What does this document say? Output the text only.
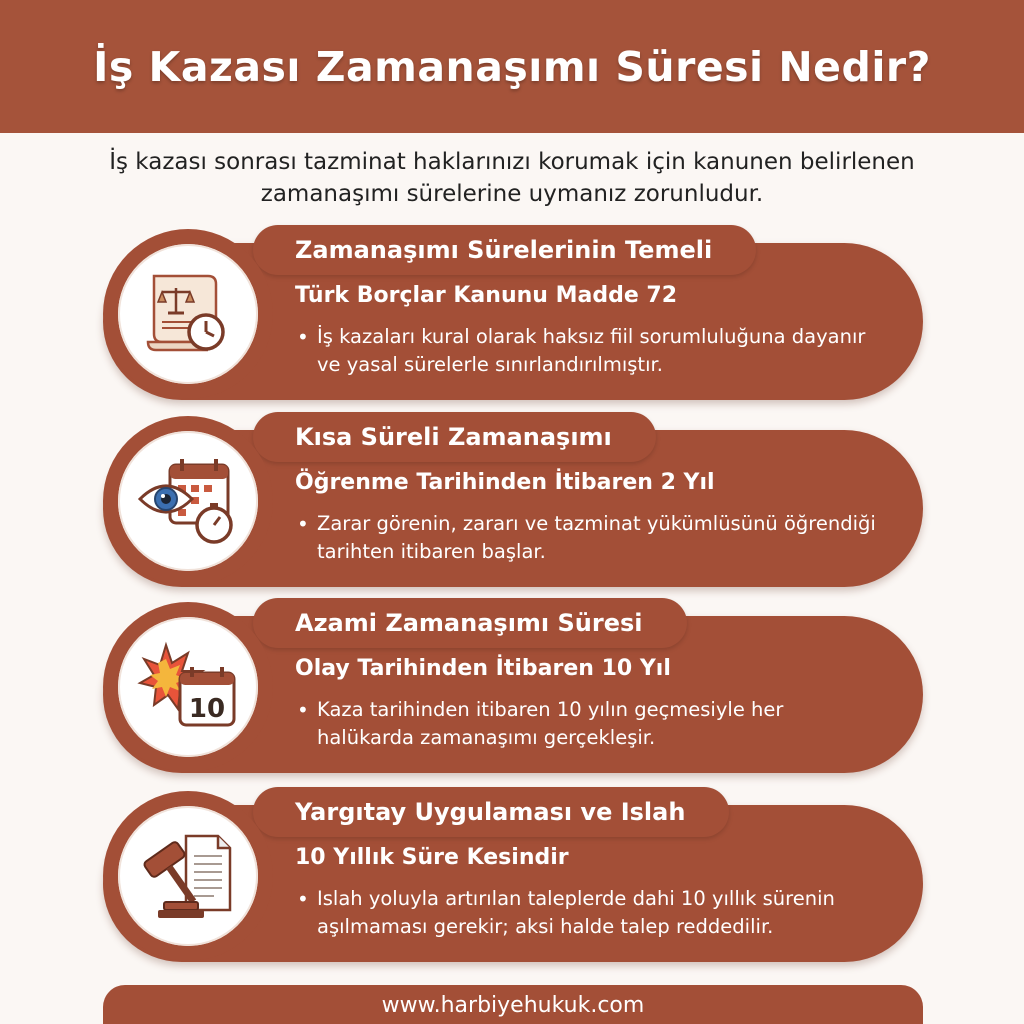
İş Kazası Zamanaşımı Süresi Nedir?

İş kazası sonrası tazminat haklarınızı korumak için kanunen belirlenen zamanaşımı sürelerine uymanız zorunludur.

Zamanaşımı Sürelerinin Temeli
Türk Borçlar Kanunu Madde 72
• İş kazaları kural olarak haksız fiil sorumluluğuna dayanır ve yasal sürelerle sınırlandırılmıştır.
Kısa Süreli Zamanaşımı
Öğrenme Tarihinden İtibaren 2 Yıl
• Zarar görenin, zararı ve tazminat yükümlüsünü öğrendiği tarihten itibaren başlar.
Azami Zamanaşımı Süresi
10
Olay Tarihinden İtibaren 10 Yıl
• Kaza tarihinden itibaren 10 yılın geçmesiyle her halükarda zamanaşımı gerçekleşir.
Yargıtay Uygulaması ve Islah
10 Yıllık Süre Kesindir
• Islah yoluyla artırılan taleplerde dahi 10 yıllık sürenin aşılmaması gerekir; aksi halde talep reddedilir.
www.harbiyehukuk.com
